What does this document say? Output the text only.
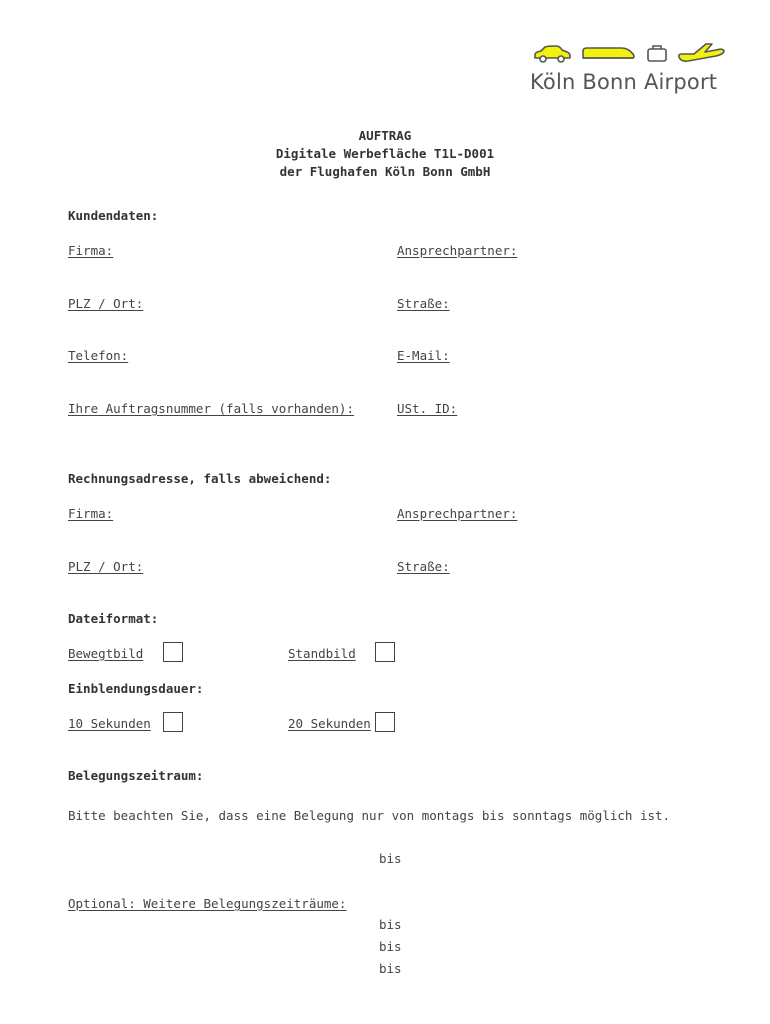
Köln Bonn Airport
AUFTRAG
Digitale Werbefläche T1L-D001
der Flughafen Köln Bonn GmbH
Kundendaten:
Firma:	Ansprechpartner:
PLZ / Ort:	Straße:
Telefon:	E-Mail:
Ihre Auftragsnummer (falls vorhanden):	USt. ID:
Rechnungsadresse, falls abweichend:
Firma:	Ansprechpartner:
PLZ / Ort:	Straße:
Dateiformat:
Bewegtbild	Standbild
Einblendungsdauer:
10 Sekunden	20 Sekunden
Belegungszeitraum:
Bitte beachten Sie, dass eine Belegung nur von montags bis sonntags möglich ist.
bis
Optional: Weitere Belegungszeiträume:
bis
bis
bis
